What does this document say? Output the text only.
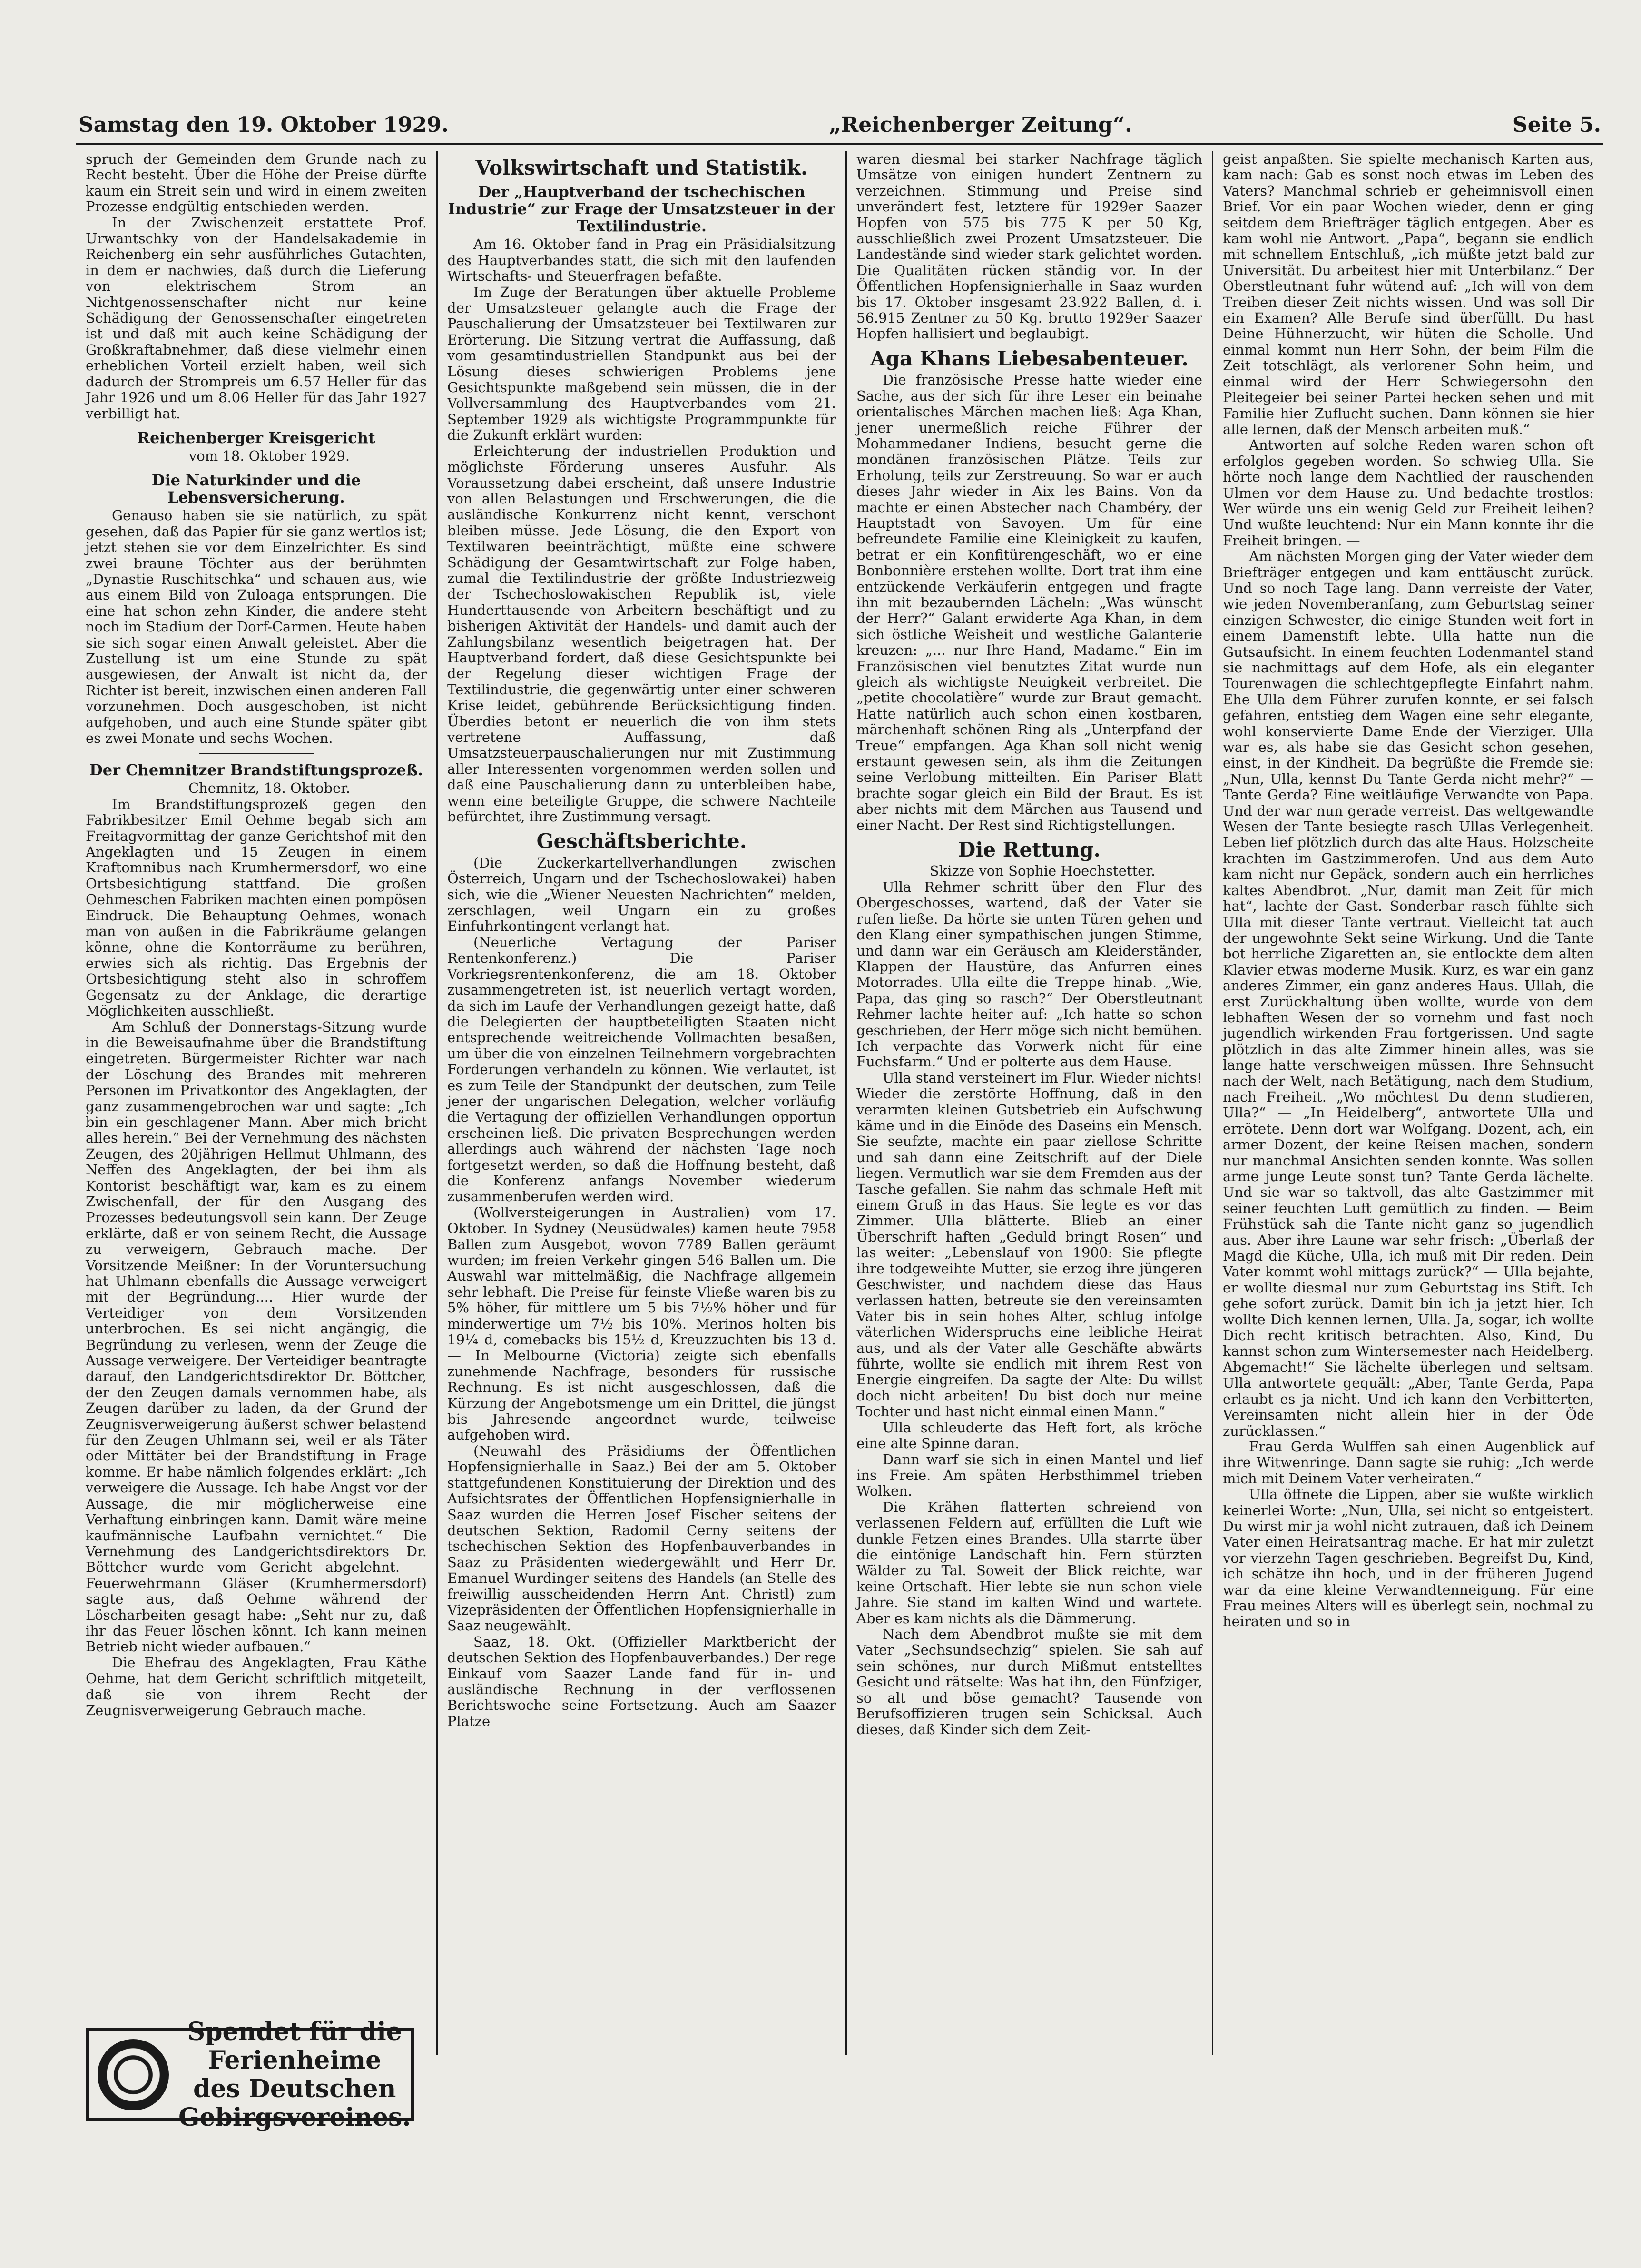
Samstag den 19. Oktober 1929.	„Reichenberger Zeitung“.	Seite 5.

spruch der Gemeinden dem Grunde nach zu Recht besteht. Über die Höhe der Preise dürfte kaum ein Streit sein und wird in einem zweiten Prozesse endgültig entschieden werden.

In der Zwischenzeit erstattete Prof. Urwantschky von der Handelsakademie in Reichenberg ein sehr ausführliches Gutachten, in dem er nachwies, daß durch die Lieferung von elektrischem Strom an Nichtgenossenschafter nicht nur keine Schädigung der Genossenschafter eingetreten ist und daß mit auch keine Schädigung der Großkraftabnehmer, daß diese vielmehr einen erheblichen Vorteil erzielt haben, weil sich dadurch der Strompreis um 6.57 Heller für das Jahr 1926 und um 8.06 Heller für das Jahr 1927 verbilligt hat.

Reichenberger Kreisgericht

vom 18. Oktober 1929.

Die Naturkinder und die Lebensversicherung.

Genauso haben sie sie natürlich, zu spät gesehen, daß das Papier für sie ganz wertlos ist; jetzt stehen sie vor dem Einzelrichter. Es sind zwei braune Töchter aus der berühmten „Dynastie Ruschitschka“ und schauen aus, wie aus einem Bild von Zuloaga entsprungen. Die eine hat schon zehn Kinder, die andere steht noch im Stadium der Dorf-Carmen. Heute haben sie sich sogar einen Anwalt geleistet. Aber die Zustellung ist um eine Stunde zu spät ausgewiesen, der Anwalt ist nicht da, der Richter ist bereit, inzwischen einen anderen Fall vorzunehmen. Doch ausgeschoben, ist nicht aufgehoben, und auch eine Stunde später gibt es zwei Monate und sechs Wochen.

Der Chemnitzer Brandstiftungsprozeß.

Chemnitz, 18. Oktober.

Im Brandstiftungsprozeß gegen den Fabrikbesitzer Emil Oehme begab sich am Freitagvormittag der ganze Gerichtshof mit den Angeklagten und 15 Zeugen in einem Kraftomnibus nach Krumhermersdorf, wo eine Ortsbesichtigung stattfand. Die großen Oehmeschen Fabriken machten einen pompösen Eindruck. Die Behauptung Oehmes, wonach man von außen in die Fabrikräume gelangen könne, ohne die Kontorräume zu berühren, erwies sich als richtig. Das Ergebnis der Ortsbesichtigung steht also in schroffem Gegensatz zu der Anklage, die derartige Möglichkeiten ausschließt.

Am Schluß der Donnerstags-Sitzung wurde in die Beweisaufnahme über die Brandstiftung eingetreten. Bürgermeister Richter war nach der Löschung des Brandes mit mehreren Personen im Privatkontor des Angeklagten, der ganz zusammengebrochen war und sagte: „Ich bin ein geschlagener Mann. Aber mich bricht alles herein.“ Bei der Vernehmung des nächsten Zeugen, des 20jährigen Hellmut Uhlmann, des Neffen des Angeklagten, der bei ihm als Kontorist beschäftigt war, kam es zu einem Zwischenfall, der für den Ausgang des Prozesses bedeutungsvoll sein kann. Der Zeuge erklärte, daß er von seinem Recht, die Aussage zu verweigern, Gebrauch mache. Der Vorsitzende Meißner: In der Voruntersuchung hat Uhlmann ebenfalls die Aussage verweigert mit der Begründung.... Hier wurde der Verteidiger von dem Vorsitzenden unterbrochen. Es sei nicht angängig, die Begründung zu verlesen, wenn der Zeuge die Aussage verweigere. Der Verteidiger beantragte darauf, den Landgerichtsdirektor Dr. Böttcher, der den Zeugen damals vernommen habe, als Zeugen darüber zu laden, da der Grund der Zeugnisverweigerung äußerst schwer belastend für den Zeugen Uhlmann sei, weil er als Täter oder Mittäter bei der Brandstiftung in Frage komme. Er habe nämlich folgendes erklärt: „Ich verweigere die Aussage. Ich habe Angst vor der Aussage, die mir möglicherweise eine Verhaftung einbringen kann. Damit wäre meine kaufmännische Laufbahn vernichtet.“ Die Vernehmung des Landgerichtsdirektors Dr. Böttcher wurde vom Gericht abgelehnt. — Feuerwehrmann Gläser (Krumhermersdorf) sagte aus, daß Oehme während der Löscharbeiten gesagt habe: „Seht nur zu, daß ihr das Feuer löschen könnt. Ich kann meinen Betrieb nicht wieder aufbauen.“

Die Ehefrau des Angeklagten, Frau Käthe Oehme, hat dem Gericht schriftlich mitgeteilt, daß sie von ihrem Recht der Zeugnisverweigerung Gebrauch mache.

Volkswirtschaft und Statistik.
Der „Hauptverband der tschechischen Industrie“ zur Frage der Umsatzsteuer in der Textilindustrie.

Am 16. Oktober fand in Prag ein Präsidialsitzung des Hauptverbandes statt, die sich mit den laufenden Wirtschafts- und Steuerfragen befaßte.

Im Zuge der Beratungen über aktuelle Probleme der Umsatzsteuer gelangte auch die Frage der Pauschalierung der Umsatzsteuer bei Textilwaren zur Erörterung. Die Sitzung vertrat die Auffassung, daß vom gesamtindustriellen Standpunkt aus bei der Lösung dieses schwierigen Problems jene Gesichtspunkte maßgebend sein müssen, die in der Vollversammlung des Hauptverbandes vom 21. September 1929 als wichtigste Programmpunkte für die Zukunft erklärt wurden:

Erleichterung der industriellen Produktion und möglichste Förderung unseres Ausfuhr. Als Voraussetzung dabei erscheint, daß unsere Industrie von allen Belastungen und Erschwerungen, die die ausländische Konkurrenz nicht kennt, verschont bleiben müsse. Jede Lösung, die den Export von Textilwaren beeinträchtigt, müßte eine schwere Schädigung der Gesamtwirtschaft zur Folge haben, zumal die Textilindustrie der größte Industriezweig der Tschechoslowakischen Republik ist, viele Hunderttausende von Arbeitern beschäftigt und zu bisherigen Aktivität der Handels- und damit auch der Zahlungsbilanz wesentlich beigetragen hat. Der Hauptverband fordert, daß diese Gesichtspunkte bei der Regelung dieser wichtigen Frage der Textilindustrie, die gegenwärtig unter einer schweren Krise leidet, gebührende Berücksichtigung finden. Überdies betont er neuerlich die von ihm stets vertretene Auffassung, daß Umsatzsteuerpauschalierungen nur mit Zustimmung aller Interessenten vorgenommen werden sollen und daß eine Pauschalierung dann zu unterbleiben habe, wenn eine beteiligte Gruppe, die schwere Nachteile befürchtet, ihre Zustimmung versagt.

Geschäftsberichte.

(Die Zuckerkartellverhandlungen zwischen Österreich, Ungarn und der Tschechoslowakei) haben sich, wie die „Wiener Neuesten Nachrichten“ melden, zerschlagen, weil Ungarn ein zu großes Einfuhrkontingent verlangt hat.

(Neuerliche Vertagung der Pariser Rentenkonferenz.) Die Pariser Vorkriegsrentenkonferenz, die am 18. Oktober zusammengetreten ist, ist neuerlich vertagt worden, da sich im Laufe der Verhandlungen gezeigt hatte, daß die Delegierten der hauptbeteiligten Staaten nicht entsprechende weitreichende Vollmachten besaßen, um über die von einzelnen Teilnehmern vorgebrachten Forderungen verhandeln zu können. Wie verlautet, ist es zum Teile der Standpunkt der deutschen, zum Teile jener der ungarischen Delegation, welcher vorläufig die Vertagung der offiziellen Verhandlungen opportun erscheinen ließ. Die privaten Besprechungen werden allerdings auch während der nächsten Tage noch fortgesetzt werden, so daß die Hoffnung besteht, daß die Konferenz anfangs November wiederum zusammenberufen werden wird.

(Wollversteigerungen in Australien) vom 17. Oktober. In Sydney (Neusüdwales) kamen heute 7958 Ballen zum Ausgebot, wovon 7789 Ballen geräumt wurden; im freien Verkehr gingen 546 Ballen um. Die Auswahl war mittelmäßig, die Nachfrage allgemein sehr lebhaft. Die Preise für feinste Vließe waren bis zu 5% höher, für mittlere um 5 bis 7½% höher und für minderwertige um 7½ bis 10%. Merinos holten bis 19¼ d, comebacks bis 15½ d, Kreuzzuchten bis 13 d. — In Melbourne (Victoria) zeigte sich ebenfalls zunehmende Nachfrage, besonders für russische Rechnung. Es ist nicht ausgeschlossen, daß die Kürzung der Angebotsmenge um ein Drittel, die jüngst bis Jahresende angeordnet wurde, teilweise aufgehoben wird.

(Neuwahl des Präsidiums der Öffentlichen Hopfensignierhalle in Saaz.) Bei der am 5. Oktober stattgefundenen Konstituierung der Direktion und des Aufsichtsrates der Öffentlichen Hopfensignierhalle in Saaz wurden die Herren Josef Fischer seitens der deutschen Sektion, Radomil Cerny seitens der tschechischen Sektion des Hopfenbauverbandes in Saaz zu Präsidenten wiedergewählt und Herr Dr. Emanuel Wurdinger seitens des Handels (an Stelle des freiwillig ausscheidenden Herrn Ant. Christl) zum Vizepräsidenten der Öffentlichen Hopfensignierhalle in Saaz neugewählt.

Saaz, 18. Okt. (Offizieller Marktbericht der deutschen Sektion des Hopfenbauverbandes.) Der rege Einkauf vom Saazer Lande fand für in- und ausländische Rechnung in der verflossenen Berichtswoche seine Fortsetzung. Auch am Saazer Platze

waren diesmal bei starker Nachfrage täglich Umsätze von einigen hundert Zentnern zu verzeichnen. Stimmung und Preise sind unverändert fest, letztere für 1929er Saazer Hopfen von 575 bis 775 K per 50 Kg, ausschließlich zwei Prozent Umsatzsteuer. Die Landestände sind wieder stark gelichtet worden. Die Qualitäten rücken ständig vor. In der Öffentlichen Hopfensignierhalle in Saaz wurden bis 17. Oktober insgesamt 23.922 Ballen, d. i. 56.915 Zentner zu 50 Kg. brutto 1929er Saazer Hopfen hallisiert und beglaubigt.

Aga Khans Liebesabenteuer.

Die französische Presse hatte wieder eine Sache, aus der sich für ihre Leser ein beinahe orientalisches Märchen machen ließ: Aga Khan, jener unermeßlich reiche Führer der Mohammedaner Indiens, besucht gerne die mondänen französischen Plätze. Teils zur Erholung, teils zur Zerstreuung. So war er auch dieses Jahr wieder in Aix les Bains. Von da machte er einen Abstecher nach Chambéry, der Hauptstadt von Savoyen. Um für eine befreundete Familie eine Kleinigkeit zu kaufen, betrat er ein Konfitürengeschäft, wo er eine Bonbonnière erstehen wollte. Dort trat ihm eine entzückende Verkäuferin entgegen und fragte ihn mit bezaubernden Lächeln: „Was wünscht der Herr?“ Galant erwiderte Aga Khan, in dem sich östliche Weisheit und westliche Galanterie kreuzen: „... nur Ihre Hand, Madame.“ Ein im Französischen viel benutztes Zitat wurde nun gleich als wichtigste Neuigkeit verbreitet. Die „petite chocolatière“ wurde zur Braut gemacht. Hatte natürlich auch schon einen kostbaren, märchenhaft schönen Ring als „Unterpfand der Treue“ empfangen. Aga Khan soll nicht wenig erstaunt gewesen sein, als ihm die Zeitungen seine Verlobung mitteilten. Ein Pariser Blatt brachte sogar gleich ein Bild der Braut. Es ist aber nichts mit dem Märchen aus Tausend und einer Nacht. Der Rest sind Richtigstellungen.

Die Rettung.

Skizze von Sophie Hoechstetter.

Ulla Rehmer schritt über den Flur des Obergeschosses, wartend, daß der Vater sie rufen ließe. Da hörte sie unten Türen gehen und den Klang einer sympathischen jungen Stimme, und dann war ein Geräusch am Kleiderständer, Klappen der Haustüre, das Anfurren eines Motorrades. Ulla eilte die Treppe hinab. „Wie, Papa, das ging so rasch?“ Der Oberstleutnant Rehmer lachte heiter auf: „Ich hatte so schon geschrieben, der Herr möge sich nicht bemühen. Ich verpachte das Vorwerk nicht für eine Fuchsfarm.“ Und er polterte aus dem Hause.

Ulla stand versteinert im Flur. Wieder nichts! Wieder die zerstörte Hoffnung, daß in den verarmten kleinen Gutsbetrieb ein Aufschwung käme und in die Einöde des Daseins ein Mensch. Sie seufzte, machte ein paar ziellose Schritte und sah dann eine Zeitschrift auf der Diele liegen. Vermutlich war sie dem Fremden aus der Tasche gefallen. Sie nahm das schmale Heft mit einem Gruß in das Haus. Sie legte es vor das Zimmer. Ulla blätterte. Blieb an einer Überschrift haften „Geduld bringt Rosen“ und las weiter: „Lebenslauf von 1900: Sie pflegte ihre todgeweihte Mutter, sie erzog ihre jüngeren Geschwister, und nachdem diese das Haus verlassen hatten, betreute sie den vereinsamten Vater bis in sein hohes Alter, schlug infolge väterlichen Widerspruchs eine leibliche Heirat aus, und als der Vater alle Geschäfte abwärts führte, wollte sie endlich mit ihrem Rest von Energie eingreifen. Da sagte der Alte: Du willst doch nicht arbeiten! Du bist doch nur meine Tochter und hast nicht einmal einen Mann.“

Ulla schleuderte das Heft fort, als kröche eine alte Spinne daran.

Dann warf sie sich in einen Mantel und lief ins Freie. Am späten Herbsthimmel trieben Wolken.

Die Krähen flatterten schreiend von verlassenen Feldern auf, erfüllten die Luft wie dunkle Fetzen eines Brandes. Ulla starrte über die eintönige Landschaft hin. Fern stürzten Wälder zu Tal. Soweit der Blick reichte, war keine Ortschaft. Hier lebte sie nun schon viele Jahre. Sie stand im kalten Wind und wartete. Aber es kam nichts als die Dämmerung.

Nach dem Abendbrot mußte sie mit dem Vater „Sechsundsechzig“ spielen. Sie sah auf sein schönes, nur durch Mißmut entstelltes Gesicht und rätselte: Was hat ihn, den Fünfziger, so alt und böse gemacht? Tausende von Berufsoffizieren trugen sein Schicksal. Auch dieses, daß Kinder sich dem Zeit-

geist anpaßten. Sie spielte mechanisch Karten aus, kam nach: Gab es sonst noch etwas im Leben des Vaters? Manchmal schrieb er geheimnisvoll einen Brief. Vor ein paar Wochen wieder, denn er ging seitdem dem Briefträger täglich entgegen. Aber es kam wohl nie Antwort. „Papa“, begann sie endlich mit schnellem Entschluß, „ich müßte jetzt bald zur Universität. Du arbeitest hier mit Unterbilanz.“ Der Oberstleutnant fuhr wütend auf: „Ich will von dem Treiben dieser Zeit nichts wissen. Und was soll Dir ein Examen? Alle Berufe sind überfüllt. Du hast Deine Hühnerzucht, wir hüten die Scholle. Und einmal kommt nun Herr Sohn, der beim Film die Zeit totschlägt, als verlorener Sohn heim, und einmal wird der Herr Schwiegersohn den Pleitegeier bei seiner Partei hecken sehen und mit Familie hier Zuflucht suchen. Dann können sie hier alle lernen, daß der Mensch arbeiten muß.“

Antworten auf solche Reden waren schon oft erfolglos gegeben worden. So schwieg Ulla. Sie hörte noch lange dem Nachtlied der rauschenden Ulmen vor dem Hause zu. Und bedachte trostlos: Wer würde uns ein wenig Geld zur Freiheit leihen? Und wußte leuchtend: Nur ein Mann konnte ihr die Freiheit bringen. —

Am nächsten Morgen ging der Vater wieder dem Briefträger entgegen und kam enttäuscht zurück. Und so noch Tage lang. Dann verreiste der Vater, wie jeden Novemberanfang, zum Geburtstag seiner einzigen Schwester, die einige Stunden weit fort in einem Damenstift lebte. Ulla hatte nun die Gutsaufsicht. In einem feuchten Lodenmantel stand sie nachmittags auf dem Hofe, als ein eleganter Tourenwagen die schlechtgepflegte Einfahrt nahm. Ehe Ulla dem Führer zurufen konnte, er sei falsch gefahren, entstieg dem Wagen eine sehr elegante, wohl konservierte Dame Ende der Vierziger. Ulla war es, als habe sie das Gesicht schon gesehen, einst, in der Kindheit. Da begrüßte die Fremde sie: „Nun, Ulla, kennst Du Tante Gerda nicht mehr?“ — Tante Gerda? Eine weitläufige Verwandte von Papa. Und der war nun gerade verreist. Das weltgewandte Wesen der Tante besiegte rasch Ullas Verlegenheit. Leben lief plötzlich durch das alte Haus. Holzscheite krachten im Gastzimmerofen. Und aus dem Auto kam nicht nur Gepäck, sondern auch ein herrliches kaltes Abendbrot. „Nur, damit man Zeit für mich hat“, lachte der Gast. Sonderbar rasch fühlte sich Ulla mit dieser Tante vertraut. Vielleicht tat auch der ungewohnte Sekt seine Wirkung. Und die Tante bot herrliche Zigaretten an, sie entlockte dem alten Klavier etwas moderne Musik. Kurz, es war ein ganz anderes Zimmer, ein ganz anderes Haus. Ullah, die erst Zurückhaltung üben wollte, wurde von dem lebhaften Wesen der so vornehm und fast noch jugendlich wirkenden Frau fortgerissen. Und sagte plötzlich in das alte Zimmer hinein alles, was sie lange hatte verschweigen müssen. Ihre Sehnsucht nach der Welt, nach Betätigung, nach dem Studium, nach Freiheit. „Wo möchtest Du denn studieren, Ulla?“ — „In Heidelberg“, antwortete Ulla und errötete. Denn dort war Wolfgang. Dozent, ach, ein armer Dozent, der keine Reisen machen, sondern nur manchmal Ansichten senden konnte. Was sollen arme junge Leute sonst tun? Tante Gerda lächelte. Und sie war so taktvoll, das alte Gastzimmer mit seiner feuchten Luft gemütlich zu finden. — Beim Frühstück sah die Tante nicht ganz so jugendlich aus. Aber ihre Laune war sehr frisch: „Überlaß der Magd die Küche, Ulla, ich muß mit Dir reden. Dein Vater kommt wohl mittags zurück?“ — Ulla bejahte, er wollte diesmal nur zum Geburtstag ins Stift. Ich gehe sofort zurück. Damit bin ich ja jetzt hier. Ich wollte Dich kennen lernen, Ulla. Ja, sogar, ich wollte Dich recht kritisch betrachten. Also, Kind, Du kannst schon zum Wintersemester nach Heidelberg. Abgemacht!“ Sie lächelte überlegen und seltsam. Ulla antwortete gequält: „Aber, Tante Gerda, Papa erlaubt es ja nicht. Und ich kann den Verbitterten, Vereinsamten nicht allein hier in der Öde zurücklassen.“

Frau Gerda Wulffen sah einen Augenblick auf ihre Witwenringe. Dann sagte sie ruhig: „Ich werde mich mit Deinem Vater verheiraten.“

Ulla öffnete die Lippen, aber sie wußte wirklich keinerlei Worte: „Nun, Ulla, sei nicht so entgeistert. Du wirst mir ja wohl nicht zutrauen, daß ich Deinem Vater einen Heiratsantrag mache. Er hat mir zuletzt vor vierzehn Tagen geschrieben. Begreifst Du, Kind, ich schätze ihn hoch, und in der früheren Jugend war da eine kleine Verwandtenneigung. Für eine Frau meines Alters will es überlegt sein, nochmal zu heiraten und so in

Spendet für die
Ferienheime
des Deutschen
Gebirgsvereines.
